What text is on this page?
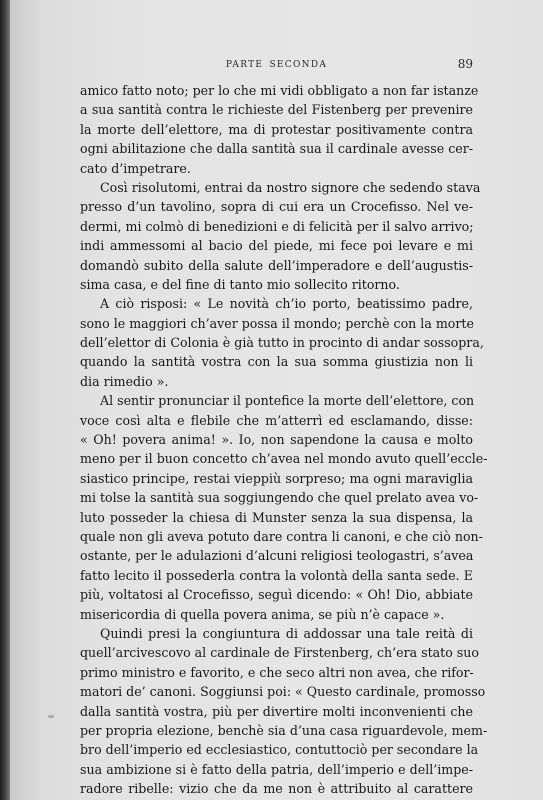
PARTE SECONDA	89
amico fatto noto; per lo che mi vidi obbligato a non far istanze
a sua santità contra le richieste del Fistenberg per prevenire
la morte dell’elettore, ma di protestar positivamente contra
ogni abilitazione che dalla santità sua il cardinale avesse cer-
cato d’impetrare.
Così risolutomi, entrai da nostro signore che sedendo stava
presso d’un tavolino, sopra di cui era un Crocefisso. Nel ve-
dermi, mi colmò di benedizioni e di felicità per il salvo arrivo;
indi ammessomi al bacio del piede, mi fece poi levare e mi
domandò subito della salute dell’imperadore e dell’augustis-
sima casa, e del fine di tanto mio sollecito ritorno.
A ciò risposi: « Le novità ch’io porto, beatissimo padre,
sono le maggiori ch’aver possa il mondo; perchè con la morte
dell’elettor di Colonia è già tutto in procinto di andar sossopra,
quando la santità vostra con la sua somma giustizia non li
dia rimedio ».
Al sentir pronunciar il pontefice la morte dell’elettore, con
voce così alta e flebile che m’atterrì ed esclamando, disse:
« Oh! povera anima! ». Io, non sapendone la causa e molto
meno per il buon concetto ch’avea nel mondo avuto quell’eccle-
siastico principe, restai vieppiù sorpreso; ma ogni maraviglia
mi tolse la santità sua soggiungendo che quel prelato avea vo-
luto posseder la chiesa di Munster senza la sua dispensa, la
quale non gli aveva potuto dare contra li canoni, e che ciò non-
ostante, per le adulazioni d’alcuni religiosi teologastri, s’avea
fatto lecito il possederla contra la volontà della santa sede. E
più, voltatosi al Crocefisso, seguì dicendo: « Oh! Dio, abbiate
misericordia di quella povera anima, se più n’è capace ».
Quindi presi la congiuntura di addossar una tale reità di
quell’arcivescovo al cardinale de Firstenberg, ch’era stato suo
primo ministro e favorito, e che seco altri non avea, che rifor-
matori de’ canoni. Soggiunsi poi: « Questo cardinale, promosso
dalla santità vostra, più per divertire molti inconvenienti che
per propria elezione, benchè sia d’una casa riguardevole, mem-
bro dell’imperio ed ecclesiastico, contuttociò per secondare la
sua ambizione si è fatto della patria, dell’imperio e dell’impe-
radore ribelle: vizio che da me non è attribuito al carattere
